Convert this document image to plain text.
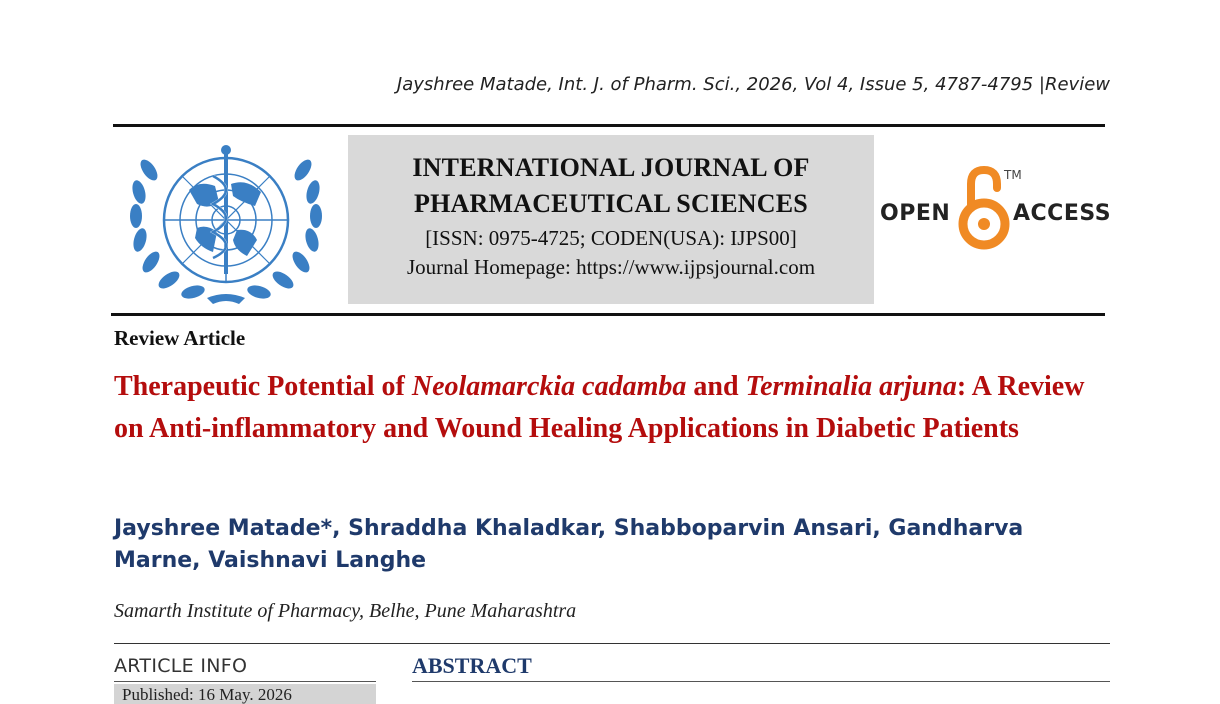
Jayshree Matade, Int. J. of Pharm. Sci., 2026, Vol 4, Issue 5, 4787-4795 |Review
INTERNATIONAL JOURNAL OF
PHARMACEUTICAL SCIENCES
[ISSN: 0975-4725; CODEN(USA): IJPS00]
Journal Homepage: https://www.ijpsjournal.com
OPEN
TM
ACCESS
Review Article
Therapeutic Potential of Neolamarckia cadamba and Terminalia arjuna: A Review on Anti-inflammatory and Wound Healing Applications in Diabetic Patients
Jayshree Matade*, Shraddha Khaladkar, Shabboparvin Ansari, Gandharva Marne, Vaishnavi Langhe
Samarth Institute of Pharmacy, Belhe, Pune Maharashtra
ARTICLE INFO
Published: 16 May. 2026
ABSTRACT
